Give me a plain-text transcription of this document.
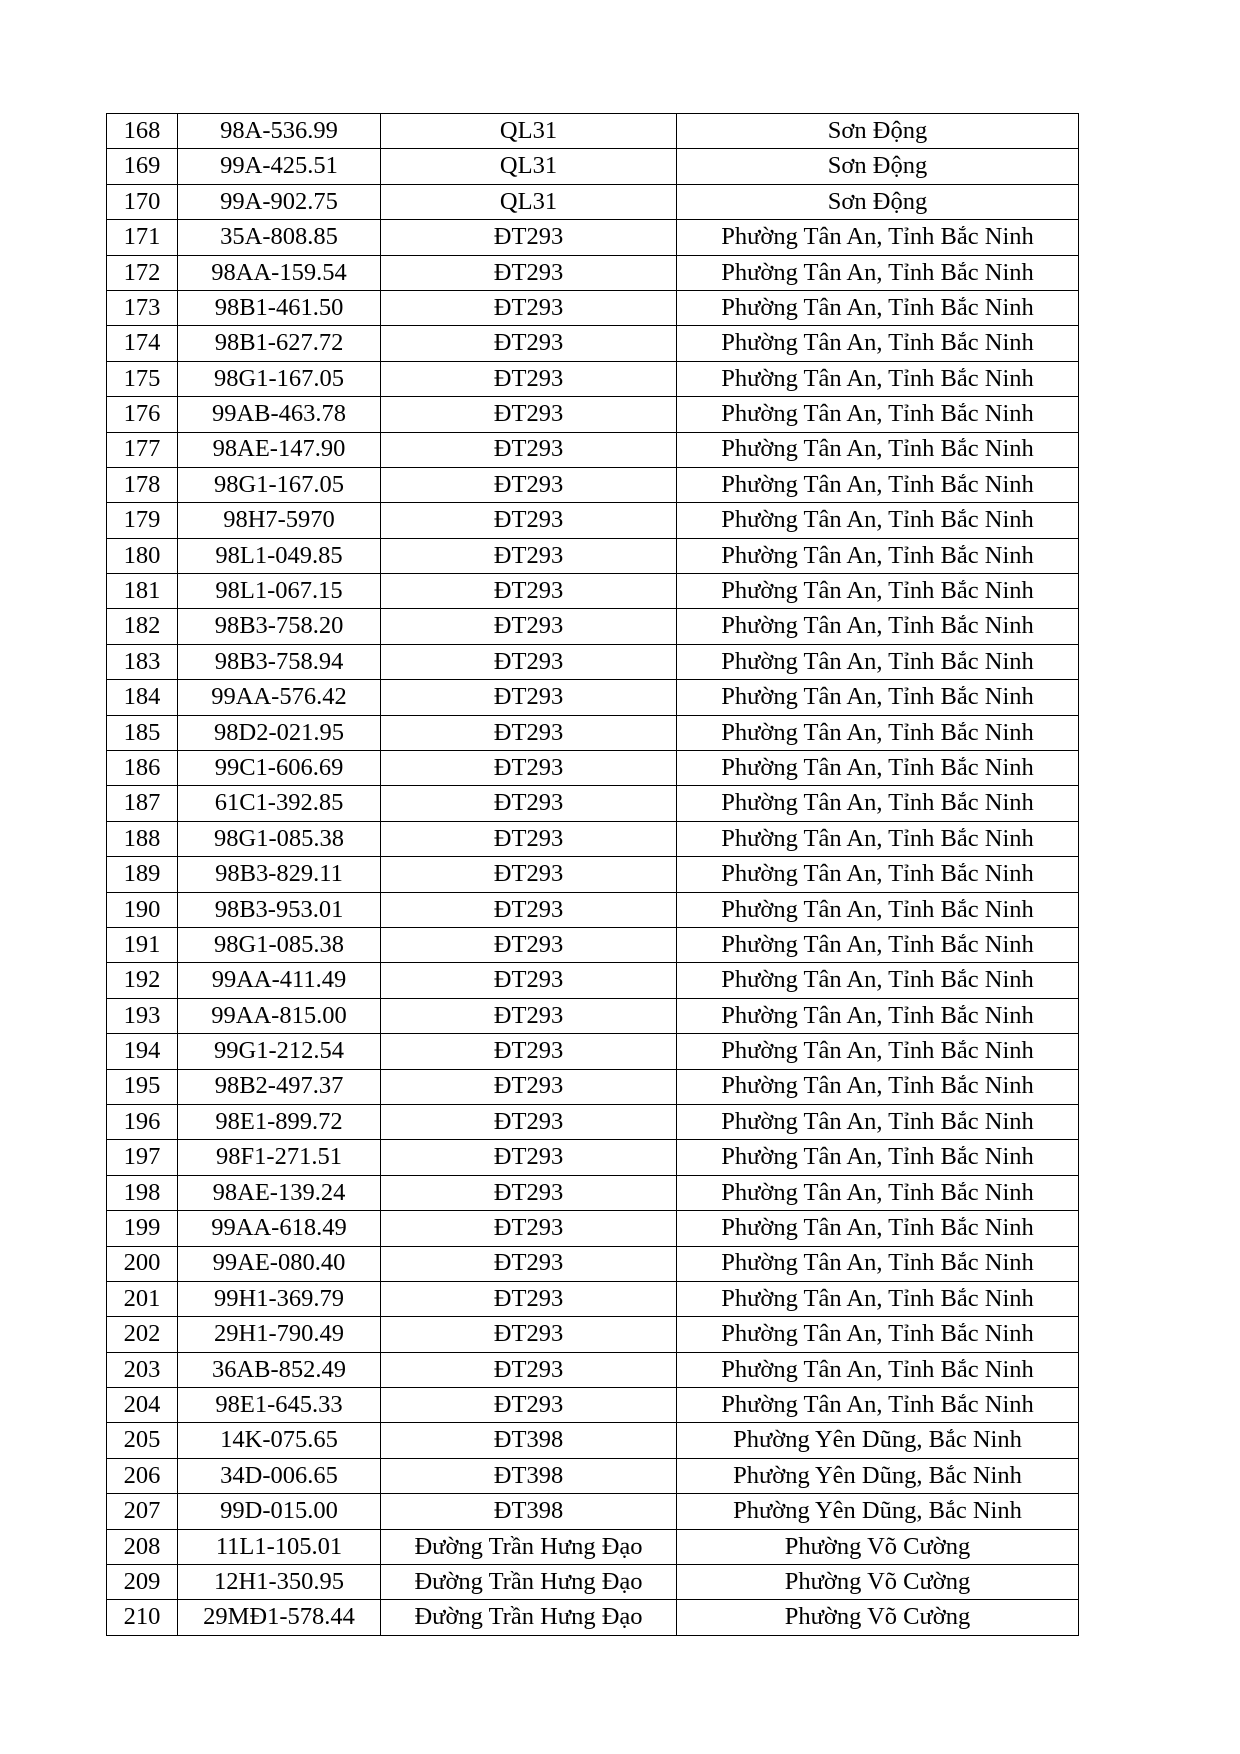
168	98A-536.99	QL31	Sơn Động
169	99A-425.51	QL31	Sơn Động
170	99A-902.75	QL31	Sơn Động
171	35A-808.85	ĐT293	Phường Tân An, Tỉnh Bắc Ninh
172	98AA-159.54	ĐT293	Phường Tân An, Tỉnh Bắc Ninh
173	98B1-461.50	ĐT293	Phường Tân An, Tỉnh Bắc Ninh
174	98B1-627.72	ĐT293	Phường Tân An, Tỉnh Bắc Ninh
175	98G1-167.05	ĐT293	Phường Tân An, Tỉnh Bắc Ninh
176	99AB-463.78	ĐT293	Phường Tân An, Tỉnh Bắc Ninh
177	98AE-147.90	ĐT293	Phường Tân An, Tỉnh Bắc Ninh
178	98G1-167.05	ĐT293	Phường Tân An, Tỉnh Bắc Ninh
179	98H7-5970	ĐT293	Phường Tân An, Tỉnh Bắc Ninh
180	98L1-049.85	ĐT293	Phường Tân An, Tỉnh Bắc Ninh
181	98L1-067.15	ĐT293	Phường Tân An, Tỉnh Bắc Ninh
182	98B3-758.20	ĐT293	Phường Tân An, Tỉnh Bắc Ninh
183	98B3-758.94	ĐT293	Phường Tân An, Tỉnh Bắc Ninh
184	99AA-576.42	ĐT293	Phường Tân An, Tỉnh Bắc Ninh
185	98D2-021.95	ĐT293	Phường Tân An, Tỉnh Bắc Ninh
186	99C1-606.69	ĐT293	Phường Tân An, Tỉnh Bắc Ninh
187	61C1-392.85	ĐT293	Phường Tân An, Tỉnh Bắc Ninh
188	98G1-085.38	ĐT293	Phường Tân An, Tỉnh Bắc Ninh
189	98B3-829.11	ĐT293	Phường Tân An, Tỉnh Bắc Ninh
190	98B3-953.01	ĐT293	Phường Tân An, Tỉnh Bắc Ninh
191	98G1-085.38	ĐT293	Phường Tân An, Tỉnh Bắc Ninh
192	99AA-411.49	ĐT293	Phường Tân An, Tỉnh Bắc Ninh
193	99AA-815.00	ĐT293	Phường Tân An, Tỉnh Bắc Ninh
194	99G1-212.54	ĐT293	Phường Tân An, Tỉnh Bắc Ninh
195	98B2-497.37	ĐT293	Phường Tân An, Tỉnh Bắc Ninh
196	98E1-899.72	ĐT293	Phường Tân An, Tỉnh Bắc Ninh
197	98F1-271.51	ĐT293	Phường Tân An, Tỉnh Bắc Ninh
198	98AE-139.24	ĐT293	Phường Tân An, Tỉnh Bắc Ninh
199	99AA-618.49	ĐT293	Phường Tân An, Tỉnh Bắc Ninh
200	99AE-080.40	ĐT293	Phường Tân An, Tỉnh Bắc Ninh
201	99H1-369.79	ĐT293	Phường Tân An, Tỉnh Bắc Ninh
202	29H1-790.49	ĐT293	Phường Tân An, Tỉnh Bắc Ninh
203	36AB-852.49	ĐT293	Phường Tân An, Tỉnh Bắc Ninh
204	98E1-645.33	ĐT293	Phường Tân An, Tỉnh Bắc Ninh
205	14K-075.65	ĐT398	Phường Yên Dũng, Bắc Ninh
206	34D-006.65	ĐT398	Phường Yên Dũng, Bắc Ninh
207	99D-015.00	ĐT398	Phường Yên Dũng, Bắc Ninh
208	11L1-105.01	Đường Trần Hưng Đạo	Phường Võ Cường
209	12H1-350.95	Đường Trần Hưng Đạo	Phường Võ Cường
210	29MĐ1-578.44	Đường Trần Hưng Đạo	Phường Võ Cường
